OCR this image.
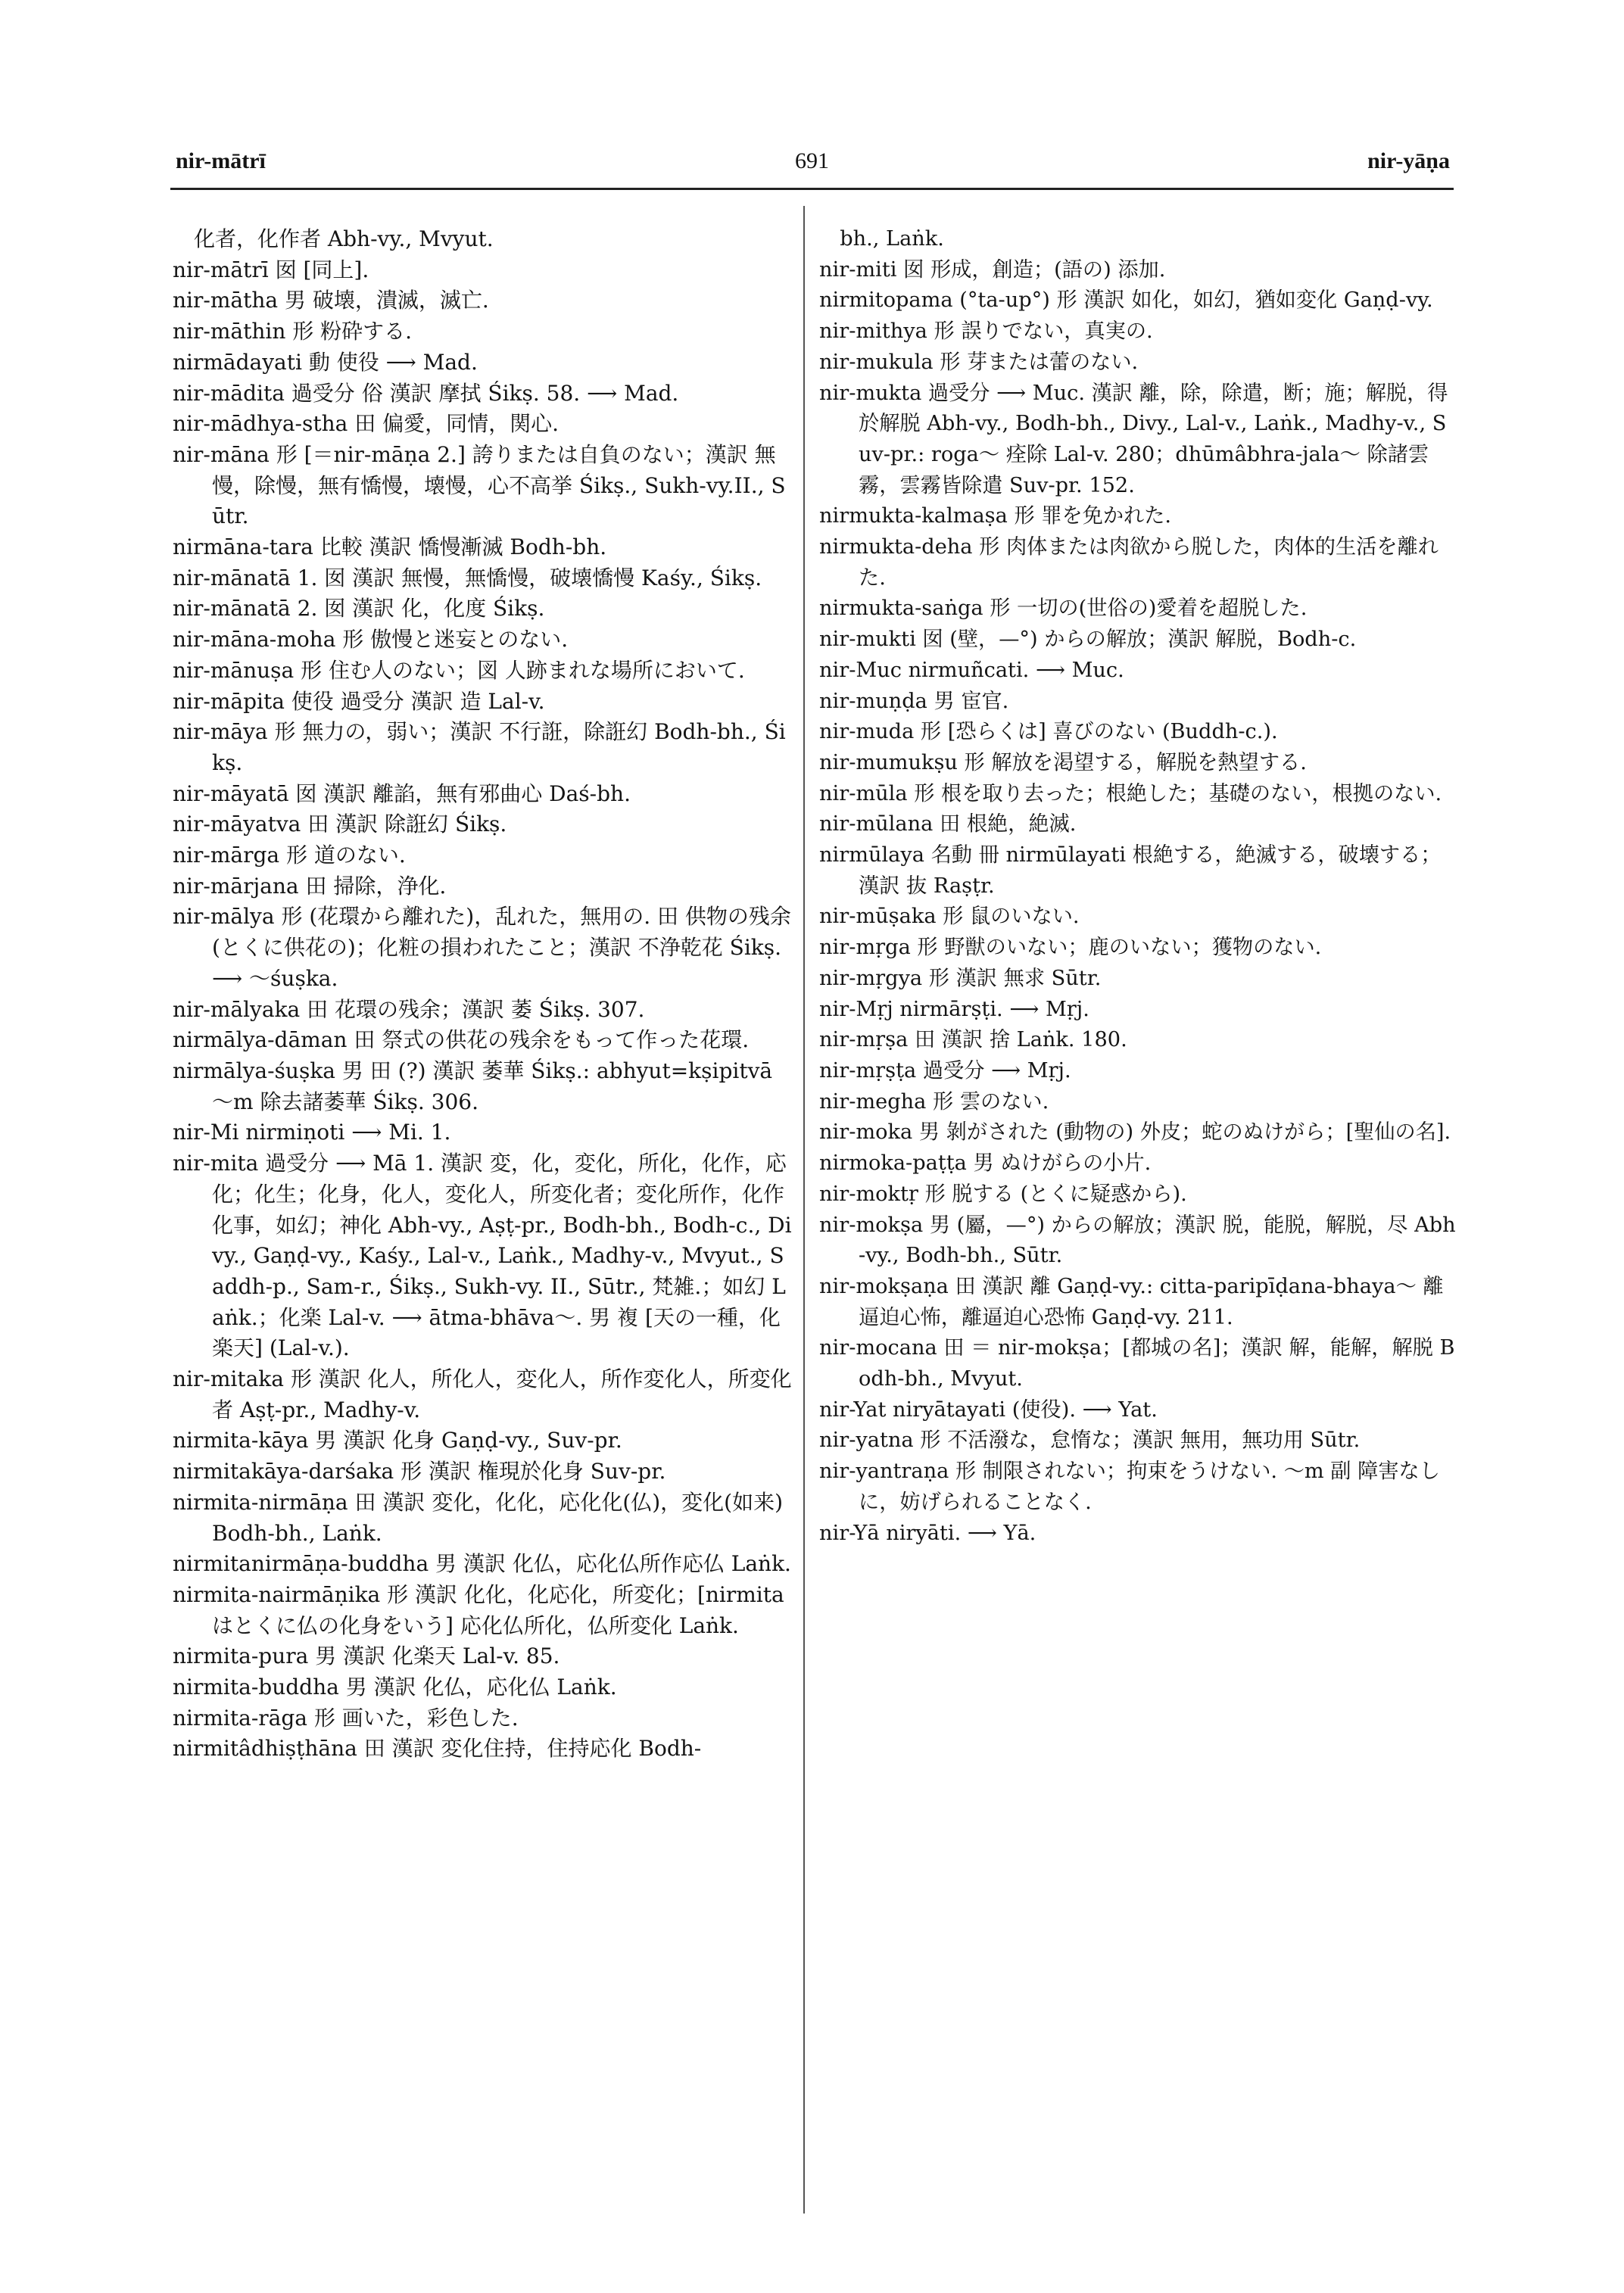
691
nir-mātrī	nir-yāṇa

　化者，化作者 Abh-vy., Mvyut.

nir-mātrī 囡 [同上].

nir-mātha 男 破壊，潰滅，滅亡.

nir-māthin 形 粉砕する.

nirmādayati 動 使役 ⟶ Mad.

nir-mādita 過受分 俗 漢訳 摩拭 Śikṣ. 58. ⟶ Mad.

nir-mādhya-stha 田 偏愛，同情，関心.

nir-māna 形 [＝nir-māṇa 2.] 誇りまたは自負のない；漢訳 無慢，除慢，無有憍慢，壊慢，心不高挙 Śikṣ., Sukh-vy.II., Sūtr.

nirmāna-tara 比較 漢訳 憍慢漸滅 Bodh-bh.

nir-mānatā 1. 囡 漢訳 無慢，無憍慢，破壊憍慢 Kaśy., Śikṣ.

nir-mānatā 2. 囡 漢訳 化，化度 Śikṣ.

nir-māna-moha 形 傲慢と迷妄とのない.

nir-mānuṣa 形 住む人のない；図 人跡まれな場所において.

nir-māpita 使役 過受分 漢訳 造 Lal-v.

nir-māya 形 無力の，弱い；漢訳 不行誑，除誑幻 Bodh-bh., Śikṣ.

nir-māyatā 囡 漢訳 離諂，無有邪曲心 Daś-bh.

nir-māyatva 田 漢訳 除誑幻 Śikṣ.

nir-mārga 形 道のない.

nir-mārjana 田 掃除，浄化.

nir-mālya 形 (花環から離れた)，乱れた，無用の. 田 供物の残余(とくに供花の)；化粧の損われたこと；漢訳 不浄乾花 Śikṣ. ⟶ ～śuṣka.

nir-mālyaka 田 花環の残余；漢訳 萎 Śikṣ. 307.

nirmālya-dāman 田 祭式の供花の残余をもって作った花環.

nirmālya-śuṣka 男 田 (?) 漢訳 萎華 Śikṣ.: abhyut=kṣipitvā ～m 除去諸萎華 Śikṣ. 306.

nir-Mi nirmiṇoti ⟶ Mi. 1.

nir-mita 過受分 ⟶ Mā 1. 漢訳 変，化，変化，所化，化作，応化；化生；化身，化人，変化人，所変化者；変化所作，化作化事，如幻；神化 Abh-vy., Aṣṭ-pr., Bodh-bh., Bodh-c., Divy., Gaṇḍ-vy., Kaśy., Lal-v., Laṅk., Madhy-v., Mvyut., Saddh-p., Sam-r., Śikṣ., Sukh-vy. II., Sūtr., 梵雑.；如幻 Laṅk.；化楽 Lal-v. ⟶ ātma-bhāva～. 男 複 [天の一種，化楽天] (Lal-v.).

nir-mitaka 形 漢訳 化人，所化人，変化人，所作変化人，所変化者 Aṣṭ-pr., Madhy-v.

nirmita-kāya 男 漢訳 化身 Gaṇḍ-vy., Suv-pr.

nirmitakāya-darśaka 形 漢訳 権現於化身 Suv-pr.

nirmita-nirmāṇa 田 漢訳 変化，化化，応化化(仏)，変化(如来) Bodh-bh., Laṅk.

nirmitanirmāṇa-buddha 男 漢訳 化仏，応化仏所作応仏 Laṅk.

nirmita-nairmāṇika 形 漢訳 化化，化応化，所変化；[nirmita はとくに仏の化身をいう] 応化仏所化，仏所変化 Laṅk.

nirmita-pura 男 漢訳 化楽天 Lal-v. 85.

nirmita-buddha 男 漢訳 化仏，応化仏 Laṅk.

nirmita-rāga 形 画いた，彩色した.

nirmitâdhiṣṭhāna 田 漢訳 変化住持，住持応化 Bodh-

　bh., Laṅk.

nir-miti 囡 形成，創造；(語の) 添加.

nirmitopama (°ta-up°) 形 漢訳 如化，如幻，猶如変化 Gaṇḍ-vy.

nir-mithya 形 誤りでない，真実の.

nir-mukula 形 芽または蕾のない.

nir-mukta 過受分 ⟶ Muc. 漢訳 離，除，除遣，断；施；解脱，得於解脱 Abh-vy., Bodh-bh., Divy., Lal-v., Laṅk., Madhy-v., Suv-pr.: roga～ 痊除 Lal-v. 280；dhūmâbhra-jala～ 除諸雲霧，雲霧皆除遣 Suv-pr. 152.

nirmukta-kalmaṣa 形 罪を免かれた.

nirmukta-deha 形 肉体または肉欲から脱した，肉体的生活を離れた.

nirmukta-saṅga 形 一切の(世俗の)愛着を超脱した.

nir-mukti 囡 (壁，—°) からの解放；漢訳 解脱，Bodh-c.

nir-Muc nirmuñcati. ⟶ Muc.

nir-muṇḍa 男 宦官.

nir-muda 形 [恐らくは] 喜びのない (Buddh-c.).

nir-mumukṣu 形 解放を渇望する，解脱を熱望する.

nir-mūla 形 根を取り去った；根絶した；基礎のない，根拠のない.

nir-mūlana 田 根絶，絶滅.

nirmūlaya 名動 冊 nirmūlayati 根絶する，絶滅する，破壊する；漢訳 抜 Raṣṭr.

nir-mūṣaka 形 鼠のいない.

nir-mṛga 形 野獣のいない；鹿のいない；獲物のない.

nir-mṛgya 形 漢訳 無求 Sūtr.

nir-Mṛj nirmārṣṭi. ⟶ Mṛj.

nir-mṛṣa 田 漢訳 捨 Laṅk. 180.

nir-mṛṣṭa 過受分 ⟶ Mṛj.

nir-megha 形 雲のない.

nir-moka 男 剝がされた (動物の) 外皮；蛇のぬけがら；[聖仙の名].

nirmoka-paṭṭa 男 ぬけがらの小片.

nir-moktṛ 形 脱する (とくに疑惑から).

nir-mokṣa 男 (屬，—°) からの解放；漢訳 脱，能脱，解脱，尽 Abh-vy., Bodh-bh., Sūtr.

nir-mokṣaṇa 田 漢訳 離 Gaṇḍ-vy.: citta-paripīḍana-bhaya～ 離逼迫心怖，離逼迫心恐怖 Gaṇḍ-vy. 211.

nir-mocana 田 ＝ nir-mokṣa；[都城の名]；漢訳 解，能解，解脱 Bodh-bh., Mvyut.

nir-Yat niryātayati (使役). ⟶ Yat.

nir-yatna 形 不活潑な，怠惰な；漢訳 無用，無功用 Sūtr.

nir-yantraṇa 形 制限されない；拘束をうけない. ～m 副 障害なしに，妨げられることなく.

nir-Yā niryāti. ⟶ Yā.
